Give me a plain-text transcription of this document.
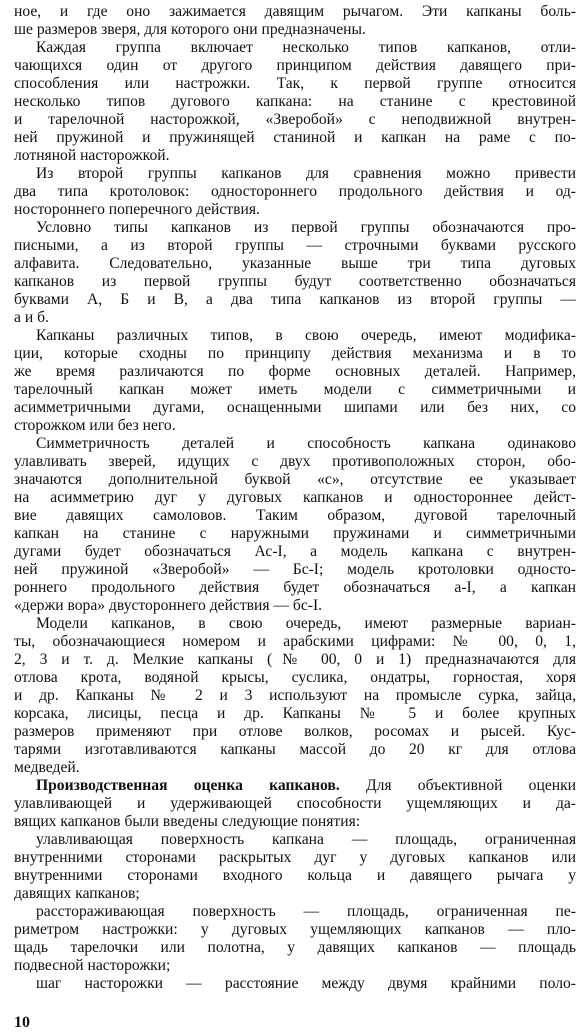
ное, и где оно зажимается давящим рычагом. Эти капканы боль-
ше размеров зверя, для которого они предназначены.
Каждая группа включает несколько типов капканов, отли-
чающихся один от другого принципом действия давящего при-
способления или настрожки. Так, к первой группе относится
несколько типов дугового капкана: на станине с крестовиной
и тарелочной насторожкой, «Зверобой» с неподвижной внутрен-
ней пружиной и пружинящей станиной и капкан на раме с по-
лотняной насторожкой.
Из второй группы капканов для сравнения можно привести
два типа кротоловок: одностороннего продольного действия и од-
ностороннего поперечного действия.
Условно типы капканов из первой группы обозначаются про-
писными, а из второй группы — строчными буквами русского
алфавита. Следовательно, указанные выше три типа дуговых
капканов из первой группы будут соответственно обозначаться
буквами А, Б и В, а два типа капканов из второй группы —
а и б.
Капканы различных типов, в свою очередь, имеют модифика-
ции, которые сходны по принципу действия механизма и в то
же время различаются по форме основных деталей. Например,
тарелочный капкан может иметь модели с симметричными и
асимметричными дугами, оснащенными шипами или без них, со
сторожком или без него.
Симметричность деталей и способность капкана одинаково
улавливать зверей, идущих с двух противоположных сторон, обо-
значаются дополнительной буквой «с», отсутствие ее указывает
на асимметрию дуг у дуговых капканов и одностороннее дейст-
вие давящих самоловов. Таким образом, дуговой тарелочный
капкан на станине с наружными пружинами и симметричными
дугами будет обозначаться Ас-I, а модель капкана с внутрен-
ней пружиной «Зверобой» — Бс-I; модель кротоловки односто-
роннего продольного действия будет обозначаться а-I, а капкан
«держи вора» двустороннего действия — бс-I.
Модели капканов, в свою очередь, имеют размерные вариан-
ты, обозначающиеся номером и арабскими цифрами: № 00, 0, 1,
2, 3 и т. д. Мелкие капканы (№ 00, 0 и 1) предназначаются для
отлова крота, водяной крысы, суслика, ондатры, горностая, хоря
и др. Капканы № 2 и 3 используют на промысле сурка, зайца,
корсака, лисицы, песца и др. Капканы № 5 и более крупных
размеров применяют при отлове волков, росомах и рысей. Кус-
тарями изготавливаются капканы массой до 20 кг для отлова
медведей.
Производственная оценка капканов. Для объективной оценки
улавливающей и удерживающей способности ущемляющих и да-
вящих капканов были введены следующие понятия:
улавливающая поверхность капкана — площадь, ограниченная
внутренними сторонами раскрытых дуг у дуговых капканов или
внутренними сторонами входного кольца и давящего рычага у
давящих капканов;
расстораживающая поверхность — площадь, ограниченная пе-
риметром настрожки: у дуговых ущемляющих капканов — пло-
щадь тарелочки или полотна, у давящих капканов — площадь
подвесной насторожки;
шаг насторожки — расстояние между двумя крайними поло-
10
